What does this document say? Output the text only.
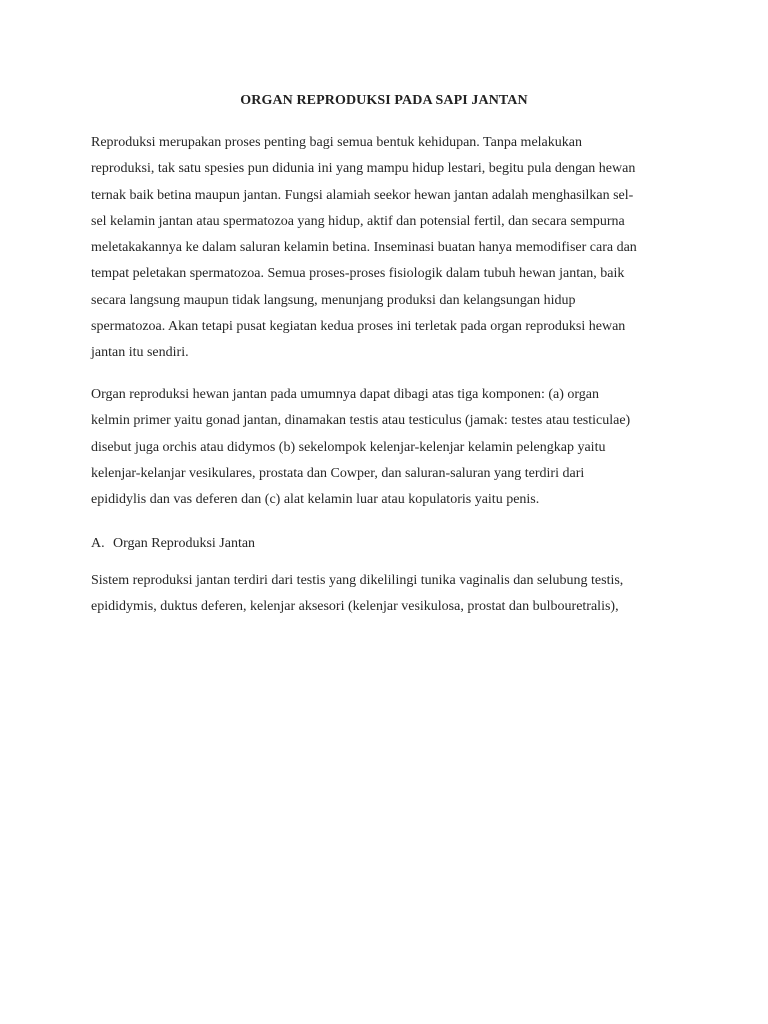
ORGAN REPRODUKSI PADA SAPI JANTAN
Reproduksi merupakan proses penting bagi semua bentuk kehidupan. Tanpa melakukan
reproduksi, tak satu spesies pun didunia ini yang mampu hidup lestari, begitu pula dengan hewan
ternak baik betina maupun jantan. Fungsi alamiah seekor hewan jantan adalah menghasilkan sel-
sel kelamin jantan atau spermatozoa yang hidup, aktif dan potensial fertil, dan secara sempurna
meletakakannya ke dalam saluran kelamin betina. Inseminasi buatan hanya memodifiser cara dan
tempat peletakan spermatozoa. Semua proses-proses fisiologik dalam tubuh hewan jantan, baik
secara langsung maupun tidak langsung, menunjang produksi dan kelangsungan hidup
spermatozoa. Akan tetapi pusat kegiatan kedua proses ini terletak pada organ reproduksi hewan
jantan itu sendiri.
Organ reproduksi hewan jantan pada umumnya dapat dibagi atas tiga komponen: (a) organ
kelmin primer yaitu gonad jantan, dinamakan testis atau testiculus (jamak: testes atau testiculae)
disebut juga orchis atau didymos (b) sekelompok kelenjar-kelenjar kelamin pelengkap yaitu
kelenjar-kelanjar vesikulares, prostata dan Cowper, dan saluran-saluran yang terdiri dari
epididylis dan vas deferen dan (c) alat kelamin luar atau kopulatoris yaitu penis.
A. Organ Reproduksi Jantan
Sistem reproduksi jantan terdiri dari testis yang dikelilingi tunika vaginalis dan selubung testis,
epididymis, duktus deferen, kelenjar aksesori (kelenjar vesikulosa, prostat dan bulbouretralis),
